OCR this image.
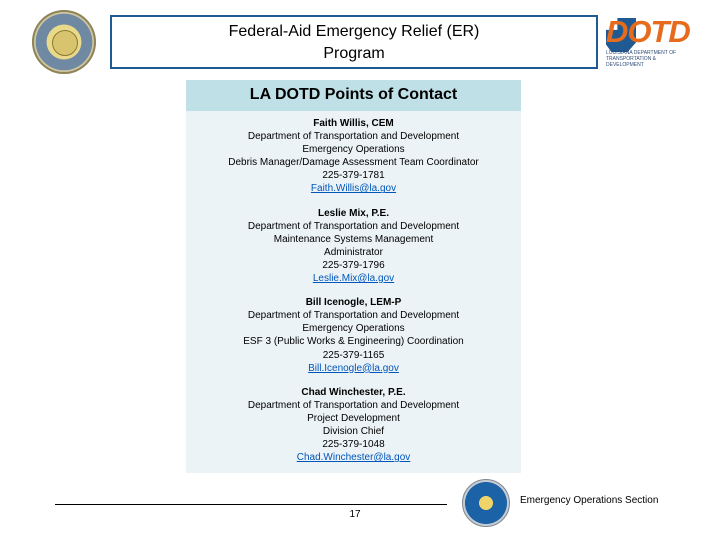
Federal-Aid Emergency Relief (ER)
Program
DOTD
LOUISIANA DEPARTMENT OF TRANSPORTATION & DEVELOPMENT
LA DOTD Points of Contact
Faith Willis, CEM
Department of Transportation and Development
Emergency Operations
Debris Manager/Damage Assessment Team Coordinator
225-379-1781
Faith.Willis@la.gov
Leslie Mix, P.E.
Department of Transportation and Development
Maintenance Systems Management
Administrator
225-379-1796
Leslie.Mix@la.gov
Bill Icenogle, LEM-P
Department of Transportation and Development
Emergency Operations
ESF 3 (Public Works & Engineering) Coordination
225-379-1165
Bill.Icenogle@la.gov
Chad Winchester, P.E.
Department of Transportation and Development
Project Development
Division Chief
225-379-1048
Chad.Winchester@la.gov
17
Emergency Operations Section
